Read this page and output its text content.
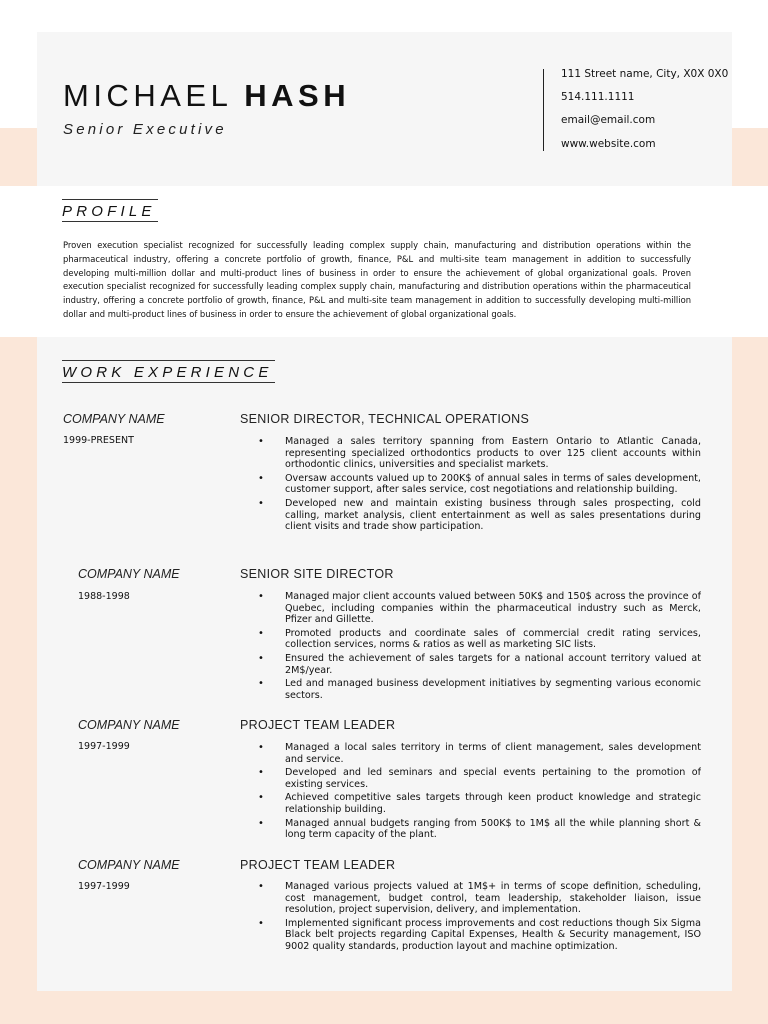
MICHAEL HASH
Senior Executive
111 Street name, City, X0X 0X0
514.111.1111
email@email.com
www.website.com
PROFILE

Proven execution specialist recognized for successfully leading complex supply chain, manufacturing and distribution operations within the pharmaceutical industry, offering a concrete portfolio of growth, finance, P&L and multi-site team management in addition to successfully developing multi-million dollar and multi-product lines of business in order to ensure the achievement of global organizational goals. Proven execution specialist recognized for successfully leading complex supply chain, manufacturing and distribution operations within the pharmaceutical industry, offering a concrete portfolio of growth, finance, P&L and multi-site team management in addition to successfully developing multi-million dollar and multi-product lines of business in order to ensure the achievement of global organizational goals.

WORK EXPERIENCE
COMPANY NAME
1999-PRESENT
SENIOR DIRECTOR, TECHNICAL OPERATIONS
• Managed a sales territory spanning from Eastern Ontario to Atlantic Canada, representing specialized orthodontics products to over 125 client accounts within orthodontic clinics, universities and specialist markets.
• Oversaw accounts valued up to 200K$ of annual sales in terms of sales development, customer support, after sales service, cost negotiations and relationship building.
• Developed new and maintain existing business through sales prospecting, cold calling, market analysis, client entertainment as well as sales presentations during client visits and trade show participation.
COMPANY NAME
1988-1998
SENIOR SITE DIRECTOR
• Managed major client accounts valued between 50K$ and 150$ across the province of Quebec, including companies within the pharmaceutical industry such as Merck, Pfizer and Gillette.
• Promoted products and coordinate sales of commercial credit rating services, collection services, norms & ratios as well as marketing SIC lists.
• Ensured the achievement of sales targets for a national account territory valued at 2M$/year.
• Led and managed business development initiatives by segmenting various economic sectors.
COMPANY NAME
1997-1999
PROJECT TEAM LEADER
• Managed a local sales territory in terms of client management, sales development and service.
• Developed and led seminars and special events pertaining to the promotion of existing services.
• Achieved competitive sales targets through keen product knowledge and strategic relationship building.
• Managed annual budgets ranging from 500K$ to 1M$ all the while planning short & long term capacity of the plant.
COMPANY NAME
1997-1999
PROJECT TEAM LEADER
• Managed various projects valued at 1M$+ in terms of scope definition, scheduling, cost management, budget control, team leadership, stakeholder liaison, issue resolution, project supervision, delivery, and implementation.
• Implemented significant process improvements and cost reductions though Six Sigma Black belt projects regarding Capital Expenses, Health & Security management, ISO 9002 quality standards, production layout and machine optimization.
